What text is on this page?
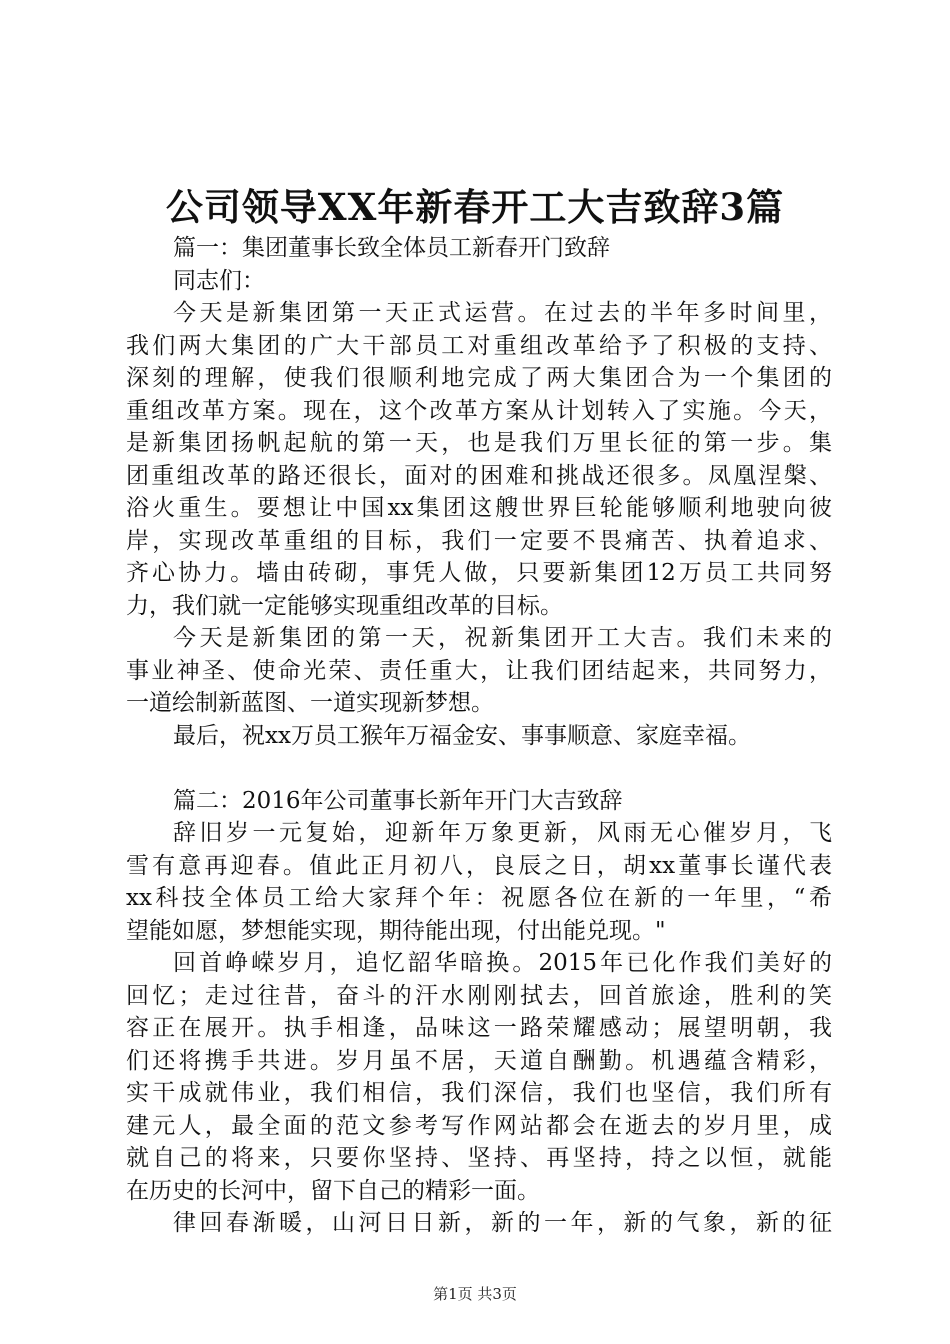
公司领导XX年新春开工大吉致辞3篇
篇一：集团董事长致全体员工新春开门致辞
同志们：
今天是新集团第一天正式运营。在过去的半年多时间里，
我们两大集团的广大干部员工对重组改革给予了积极的支持、
深刻的理解，使我们很顺利地完成了两大集团合为一个集团的
重组改革方案。现在，这个改革方案从计划转入了实施。今天，
是新集团扬帆起航的第一天，也是我们万里长征的第一步。集
团重组改革的路还很长，面对的困难和挑战还很多。凤凰涅槃、
浴火重生。要想让中国xx集团这艘世界巨轮能够顺利地驶向彼
岸，实现改革重组的目标，我们一定要不畏痛苦、执着追求、
齐心协力。墙由砖砌，事凭人做，只要新集团12万员工共同努
力，我们就一定能够实现重组改革的目标。
今天是新集团的第一天，祝新集团开工大吉。我们未来的
事业神圣、使命光荣、责任重大，让我们团结起来，共同努力，
一道绘制新蓝图、一道实现新梦想。
最后，祝xx万员工猴年万福金安、事事顺意、家庭幸福。
篇二：2016年公司董事长新年开门大吉致辞
辞旧岁一元复始，迎新年万象更新，风雨无心催岁月，飞
雪有意再迎春。值此正月初八，良辰之日，胡xx董事长谨代表
xx科技全体员工给大家拜个年：祝愿各位在新的一年里，“希
望能如愿，梦想能实现，期待能出现，付出能兑现。"
回首峥嵘岁月，追忆韶华暗换。2015年已化作我们美好的
回忆；走过往昔，奋斗的汗水刚刚拭去，回首旅途，胜利的笑
容正在展开。执手相逢，品味这一路荣耀感动；展望明朝，我
们还将携手共进。岁月虽不居，天道自酬勤。机遇蕴含精彩，
实干成就伟业，我们相信，我们深信，我们也坚信，我们所有
建元人，最全面的范文参考写作网站都会在逝去的岁月里，成
就自己的将来，只要你坚持、坚持、再坚持，持之以恒，就能
在历史的长河中，留下自己的精彩一面。
律回春渐暖，山河日日新，新的一年，新的气象，新的征
第1页 共3页
